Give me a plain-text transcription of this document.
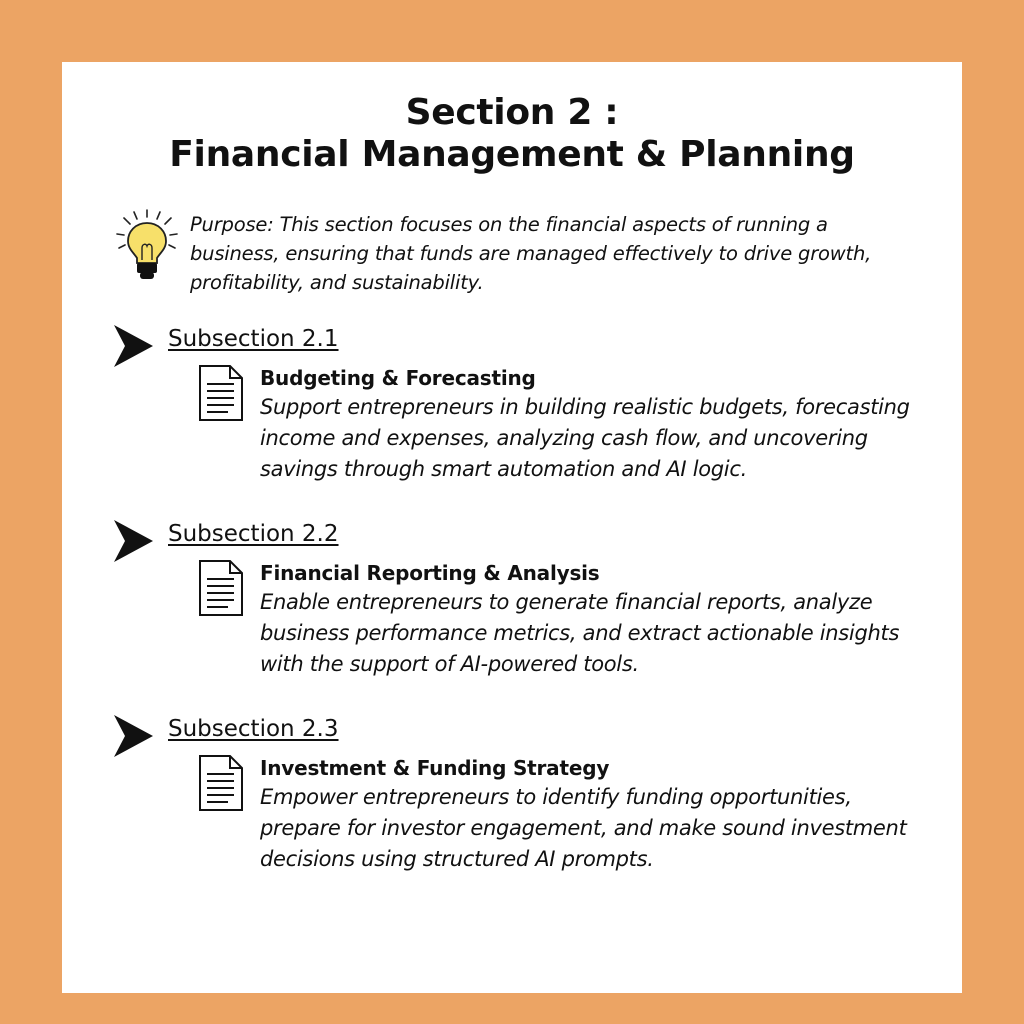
Section 2 :
Financial Management & Planning
Purpose: This section focuses on the financial aspects of running a business, ensuring that funds are managed effectively to drive growth, profitability, and sustainability.
Subsection 2.1
Budgeting & Forecasting
Support entrepreneurs in building realistic budgets, forecasting income and expenses, analyzing cash flow, and uncovering savings through smart automation and AI logic.
Subsection 2.2
Financial Reporting & Analysis
Enable entrepreneurs to generate financial reports, analyze business performance metrics, and extract actionable insights with the support of AI-powered tools.
Subsection 2.3
Investment & Funding Strategy
Empower entrepreneurs to identify funding opportunities, prepare for investor engagement, and make sound investment decisions using structured AI prompts.
